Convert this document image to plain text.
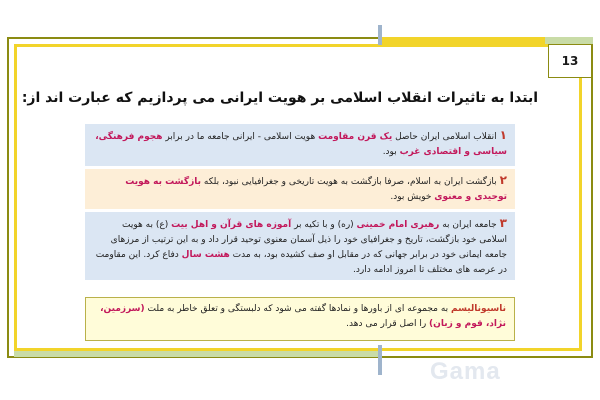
13
ابتدا به تاثیرات انقلاب اسلامی بر هویت ایرانی می پردازیم که عبارت اند از:
۱انقلاب اسلامی ایران حاصل یک قرن مقاومت هویت اسلامی - ایرانی جامعه ما در برابر هجوم فرهنگی، سیاسی و اقتصادی غرب بود.
۲بازگشت ایران به اسلام، صرفا بازگشت به هویت تاریخی و جغرافیایی نبود، بلکه بازگشت به هویت توحیدی و معنوی خویش بود.
۳جامعه ایران به رهبری امام خمینی (ره) و با تکیه بر آموزه های قرآن و اهل بیت (ع) به هویت اسلامی خود بازگشت، تاریخ و جغرافیای خود را ذیل آسمان معنوی توحید قرار داد و به این ترتیب از مرزهای جامعه ایمانی خود در برابر جهانی که در مقابل او صف کشیده بود، به مدت هشت سال دفاع کرد. این مقاومت در عرصه های مختلف تا امروز ادامه دارد.
ناسیونالیسم به مجموعه ای از باورها و نمادها گفته می شود که دلبستگی و تعلق خاطر به ملت (سرزمین، نژاد، قوم و زبان) را اصل قرار می دهد.
Gama
